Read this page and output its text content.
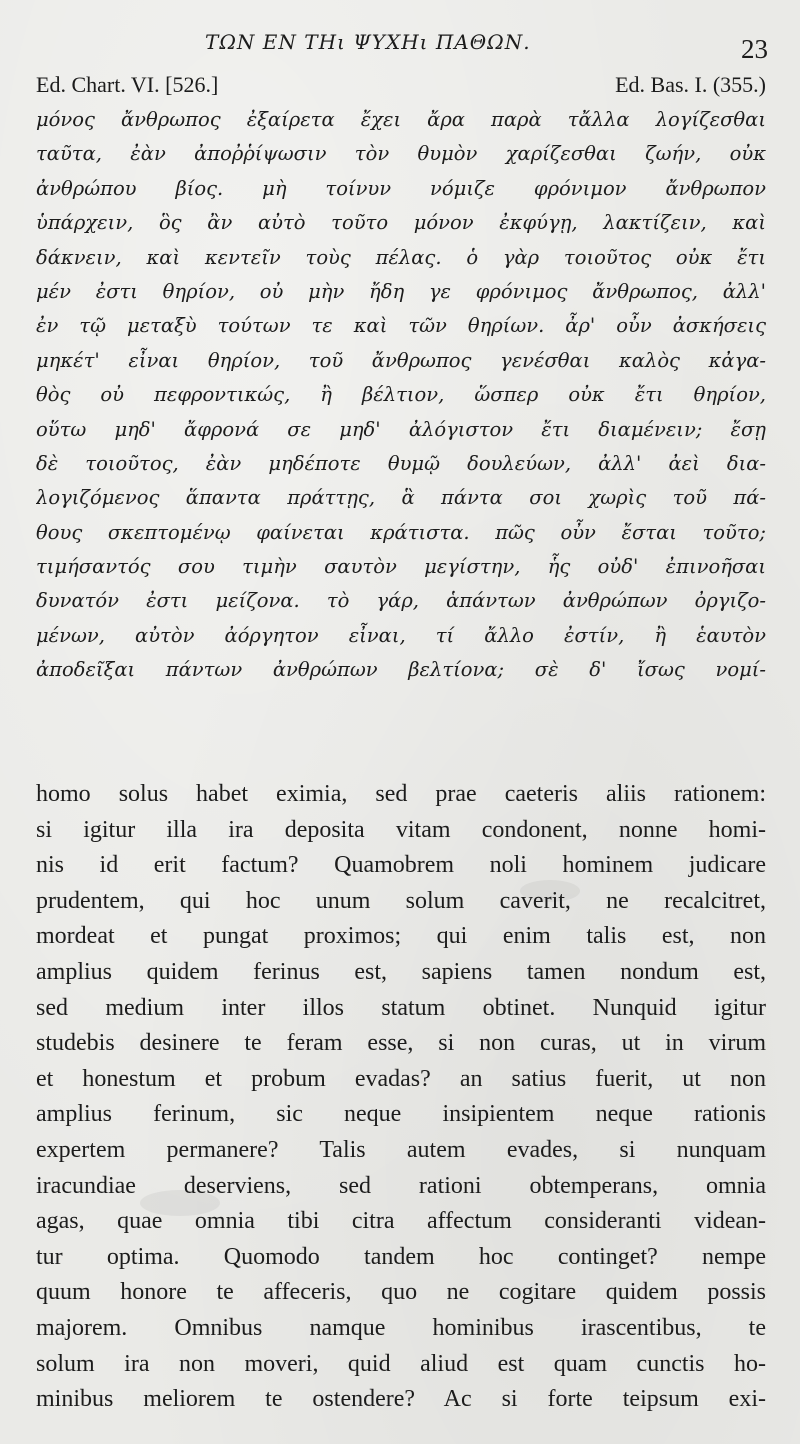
ΤΩΝ ΕΝ ΤΗι ΨΥΧΗι ΠΑΘΩΝ.	23
Ed. Chart. VI. [526.]	Ed. Bas. I. (355.)
μόνος ἄνθρωπος ἐξαίρετα ἔχει ἄρα παρὰ τἄλλα λογίζεσθαι
ταῦτα, ἐὰν ἀποῤῥίψωσιν τὸν θυμὸν χαρίζεσθαι ζωήν, οὐκ
ἀνθρώπου βίος. μὴ τοίνυν νόμιζε φρόνιμον ἄνθρωπον
ὑπάρχειν, ὃς ἂν αὐτὸ τοῦτο μόνον ἐκφύγῃ, λακτίζειν, καὶ
δάκνειν, καὶ κεντεῖν τοὺς πέλας. ὁ γὰρ τοιοῦτος οὐκ ἔτι
μέν ἐστι θηρίον, οὐ μὴν ἤδη γε φρόνιμος ἄνθρωπος, ἀλλ'
ἐν τῷ μεταξὺ τούτων τε καὶ τῶν θηρίων. ἆρ' οὖν ἀσκήσεις
μηκέτ' εἶναι θηρίον, τοῦ ἄνθρωπος γενέσθαι καλὸς κἀγα-
θὸς οὐ πεφροντικώς, ἢ βέλτιον, ὥσπερ οὐκ ἔτι θηρίον,
οὕτω μηδ' ἄφρονά σε μηδ' ἀλόγιστον ἔτι διαμένειν; ἔσῃ
δὲ τοιοῦτος, ἐὰν μηδέποτε θυμῷ δουλεύων, ἀλλ' ἀεὶ δια-
λογιζόμενος ἅπαντα πράττῃς, ἃ πάντα σοι χωρὶς τοῦ πά-
θους σκεπτομένῳ φαίνεται κράτιστα. πῶς οὖν ἔσται τοῦτο;
τιμήσαντός σου τιμὴν σαυτὸν μεγίστην, ἧς οὐδ' ἐπινοῆσαι
δυνατόν ἐστι μείζονα. τὸ γάρ, ἁπάντων ἀνθρώπων ὀργιζο-
μένων, αὐτὸν ἀόργητον εἶναι, τί ἄλλο ἐστίν, ἢ ἑαυτὸν
ἀποδεῖξαι πάντων ἀνθρώπων βελτίονα; σὲ δ' ἴσως νομί-
homo solus habet eximia, sed prae caeteris aliis rationem:
si igitur illa ira deposita vitam condonent, nonne homi-
nis id erit factum? Quamobrem noli hominem judicare
prudentem, qui hoc unum solum caverit, ne recalcitret,
mordeat et pungat proximos; qui enim talis est, non
amplius quidem ferinus est, sapiens tamen nondum est,
sed medium inter illos statum obtinet. Nunquid igitur
studebis desinere te feram esse, si non curas, ut in virum
et honestum et probum evadas? an satius fuerit, ut non
amplius ferinum, sic neque insipientem neque rationis
expertem permanere? Talis autem evades, si nunquam
iracundiae deserviens, sed rationi obtemperans, omnia
agas, quae omnia tibi citra affectum consideranti videan-
tur optima. Quomodo tandem hoc continget? nempe
quum honore te affeceris, quo ne cogitare quidem possis
majorem. Omnibus namque hominibus irascentibus, te
solum ira non moveri, quid aliud est quam cunctis ho-
minibus meliorem te ostendere? Ac si forte teipsum exi-
